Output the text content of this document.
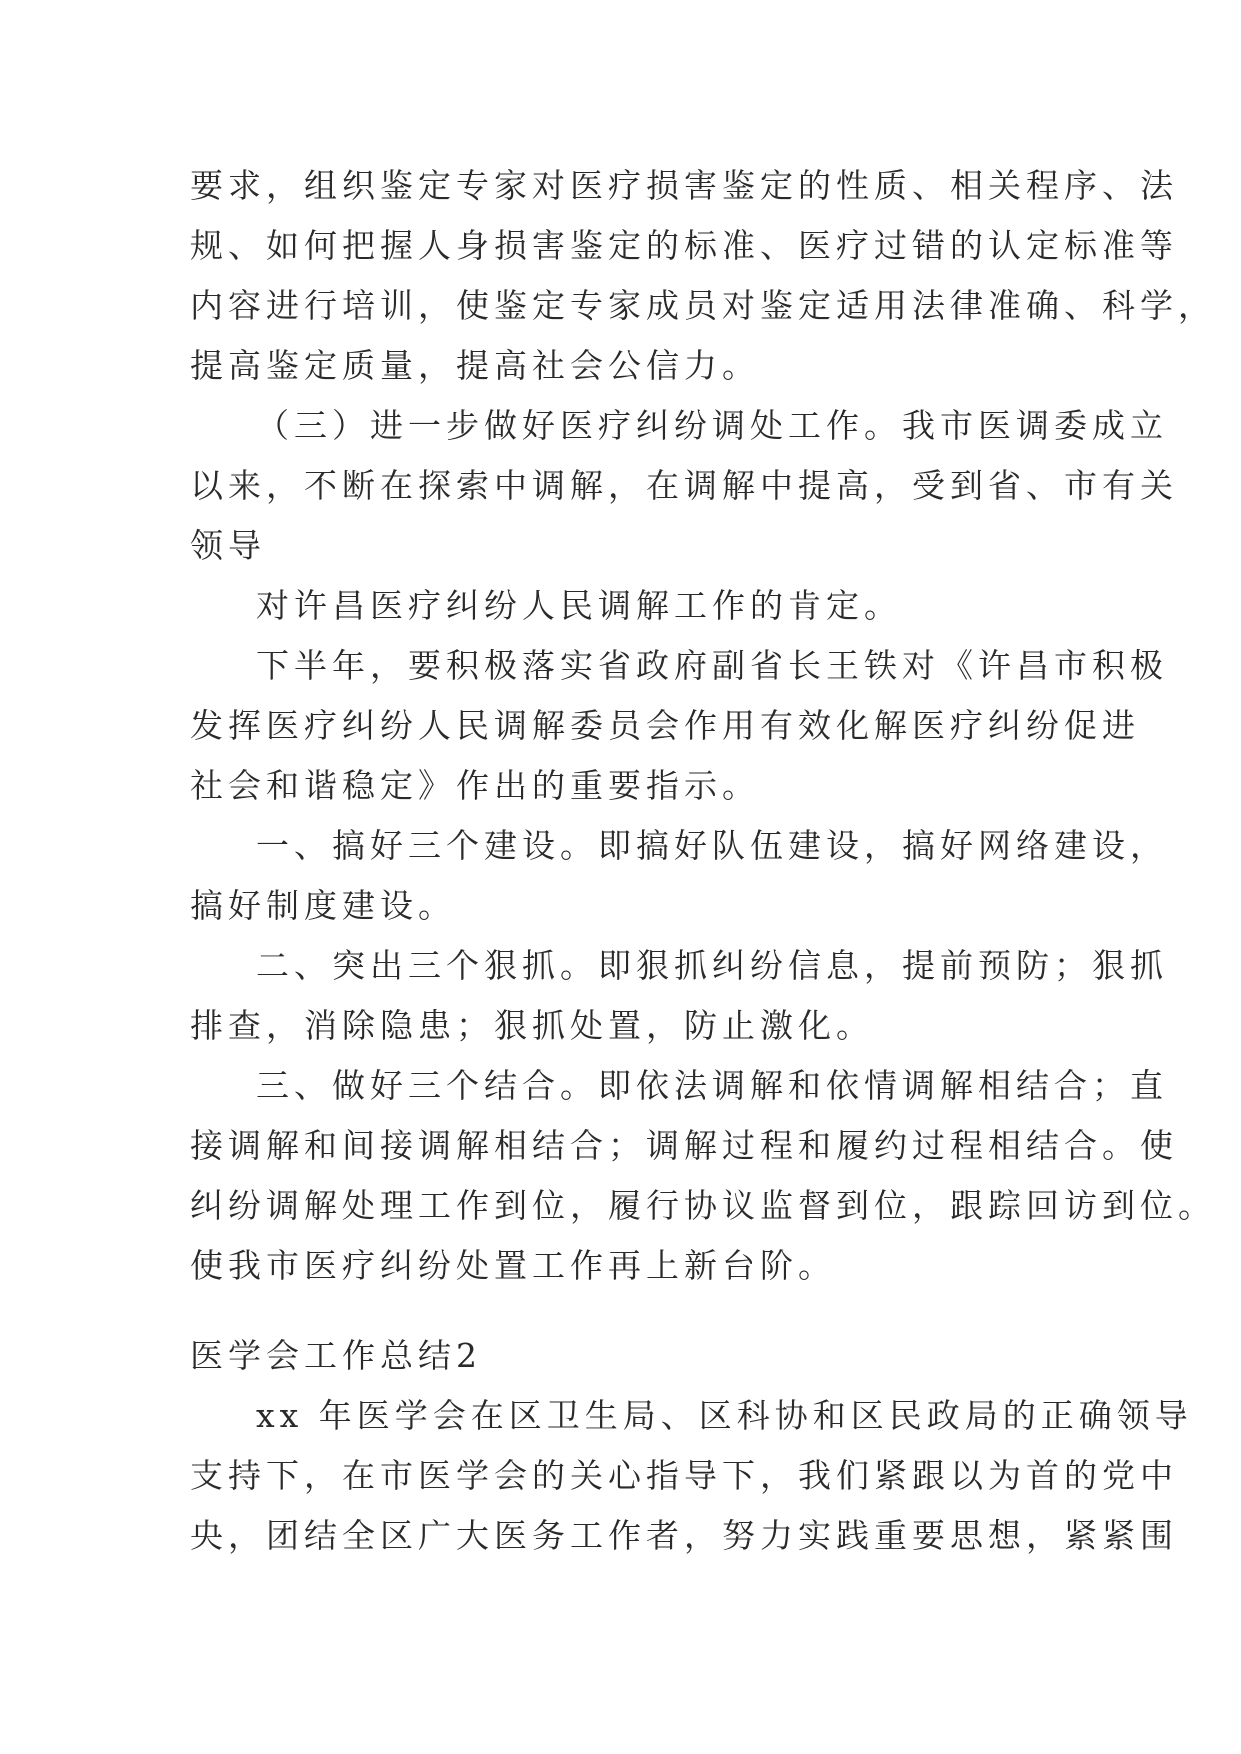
要求，组织鉴定专家对医疗损害鉴定的性质、相关程序、法
规、如何把握人身损害鉴定的标准、医疗过错的认定标准等
内容进行培训，使鉴定专家成员对鉴定适用法律准确、科学，
提高鉴定质量，提高社会公信力。
（三）进一步做好医疗纠纷调处工作。我市医调委成立
以来，不断在探索中调解，在调解中提高，受到省、市有关
领导
对许昌医疗纠纷人民调解工作的肯定。
下半年，要积极落实省政府副省长王铁对《许昌市积极
发挥医疗纠纷人民调解委员会作用有效化解医疗纠纷促进
社会和谐稳定》作出的重要指示。
一、搞好三个建设。即搞好队伍建设，搞好网络建设，
搞好制度建设。
二、突出三个狠抓。即狠抓纠纷信息，提前预防；狠抓
排查，消除隐患；狠抓处置，防止激化。
三、做好三个结合。即依法调解和依情调解相结合；直
接调解和间接调解相结合；调解过程和履约过程相结合。使
纠纷调解处理工作到位，履行协议监督到位，跟踪回访到位。
使我市医疗纠纷处置工作再上新台阶。
医学会工作总结2
xx 年医学会在区卫生局、区科协和区民政局的正确领导
支持下，在市医学会的关心指导下，我们紧跟以为首的党中
央，团结全区广大医务工作者，努力实践重要思想，紧紧围
